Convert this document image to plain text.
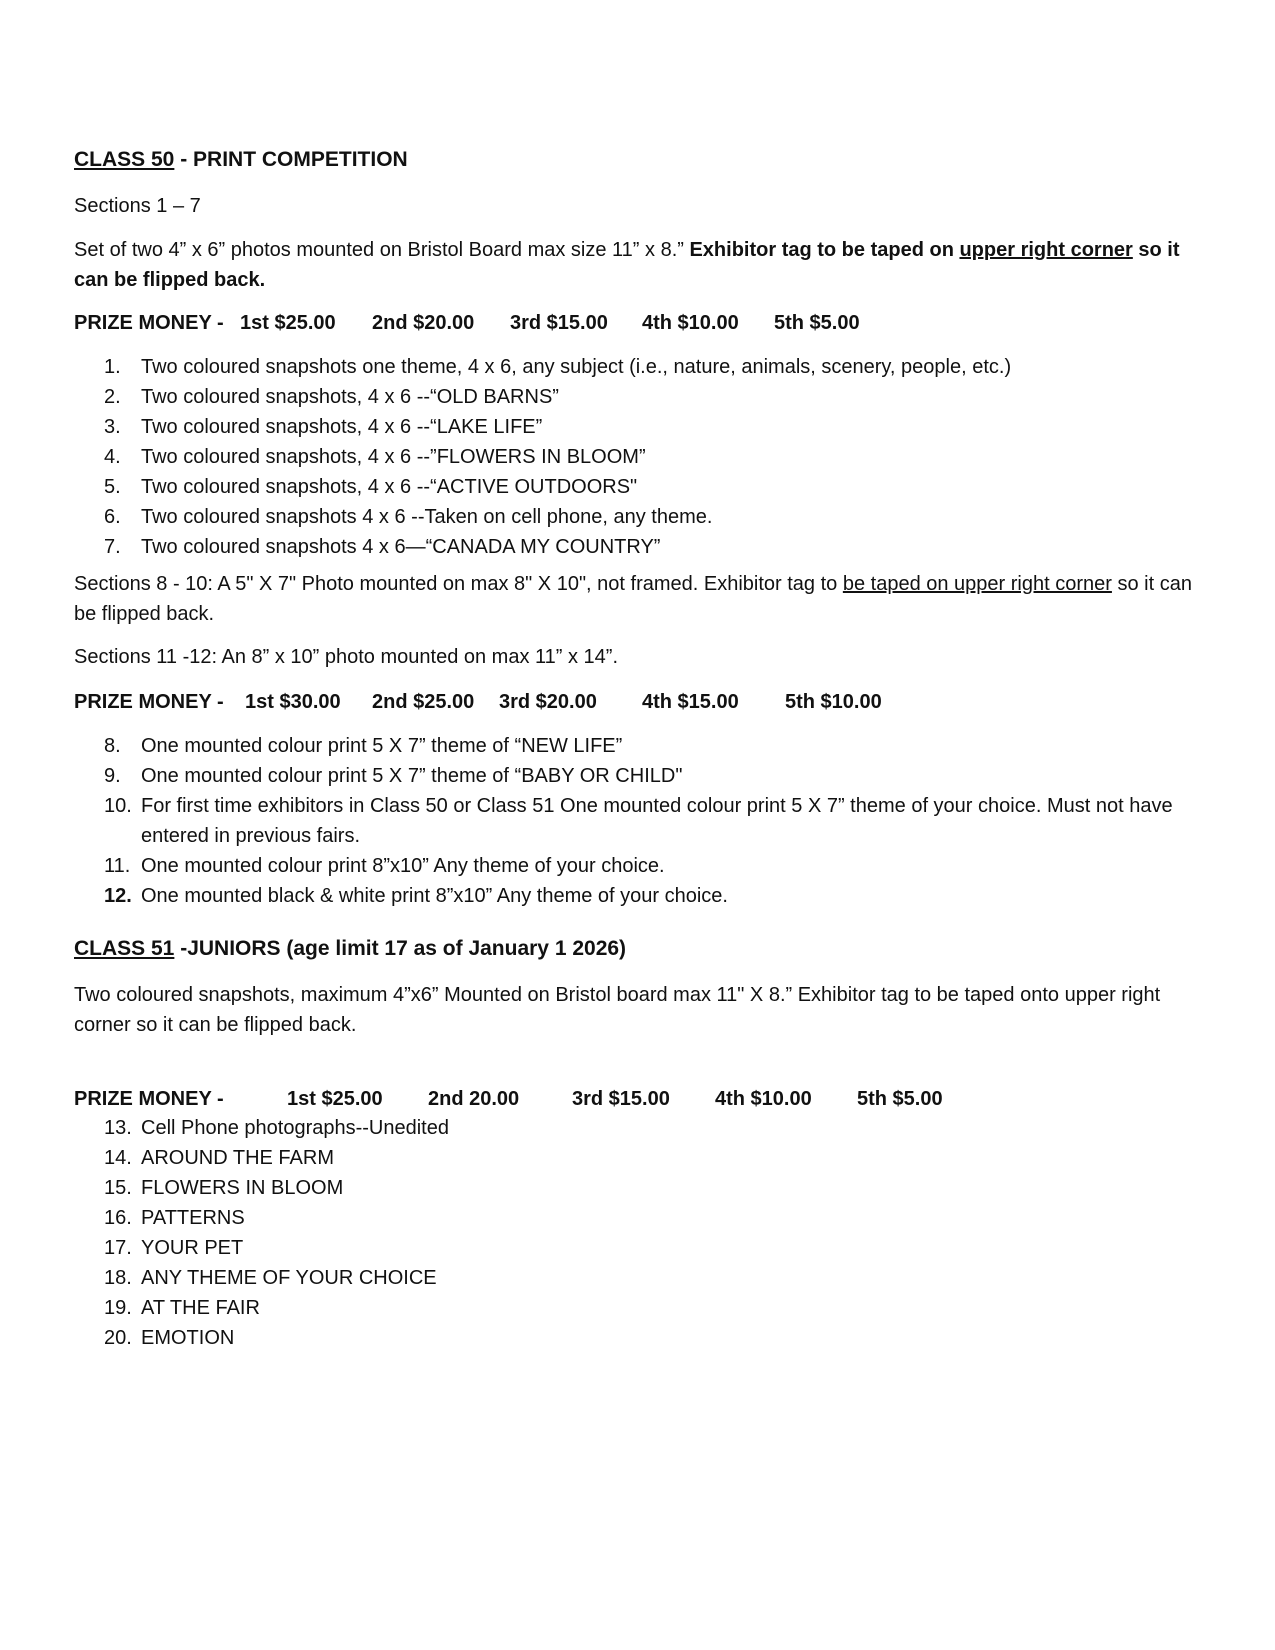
CLASS 50 - PRINT COMPETITION

Sections 1 – 7

Set of two 4” x 6” photos mounted on Bristol Board max size 11” x 8.” Exhibitor tag to be taped on upper right corner so it can be flipped back.

PRIZE MONEY - 1st $25.00 2nd $20.00 3rd $15.00 4th $10.00 5th $5.00
1.	Two coloured snapshots one theme, 4 x 6, any subject (i.e., nature, animals, scenery, people, etc.)
2.	Two coloured snapshots, 4 x 6 --“OLD BARNS”
3.	Two coloured snapshots, 4 x 6 --“LAKE LIFE”
4.	Two coloured snapshots, 4 x 6 --”FLOWERS IN BLOOM”
5.	Two coloured snapshots, 4 x 6 --“ACTIVE OUTDOORS"
6.	Two coloured snapshots 4 x 6 --Taken on cell phone, any theme.
7.	Two coloured snapshots 4 x 6—“CANADA MY COUNTRY”

Sections 8 - 10: A 5" X 7" Photo mounted on max 8" X 10", not framed. Exhibitor tag to be taped on upper right corner so it can be flipped back.

Sections 11 -12: An 8” x 10” photo mounted on max 11” x 14”.

PRIZE MONEY - 1st $30.00 2nd $25.00 3rd $20.00 4th $15.00 5th $10.00
8.	One mounted colour print 5 X 7” theme of “NEW LIFE”
9.	One mounted colour print 5 X 7” theme of “BABY OR CHILD"
10. For first time exhibitors in Class 50 or Class 51 One mounted colour print 5 X 7” theme of your choice. Must not have entered in previous fairs.
11. One mounted colour print 8”x10” Any theme of your choice.
12. One mounted black & white print 8”x10” Any theme of your choice.

CLASS 51 -JUNIORS (age limit 17 as of January 1 2026)

Two coloured snapshots, maximum 4”x6” Mounted on Bristol board max 11" X 8.” Exhibitor tag to be taped onto upper right corner so it can be flipped back.

PRIZE MONEY -	1st $25.00 2nd 20.00	3rd $15.00 4th $10.00 5th $5.00
13. Cell Phone photographs--Unedited
14. AROUND THE FARM
15. FLOWERS IN BLOOM
16. PATTERNS
17. YOUR PET
18. ANY THEME OF YOUR CHOICE
19. AT THE FAIR
20. EMOTION
